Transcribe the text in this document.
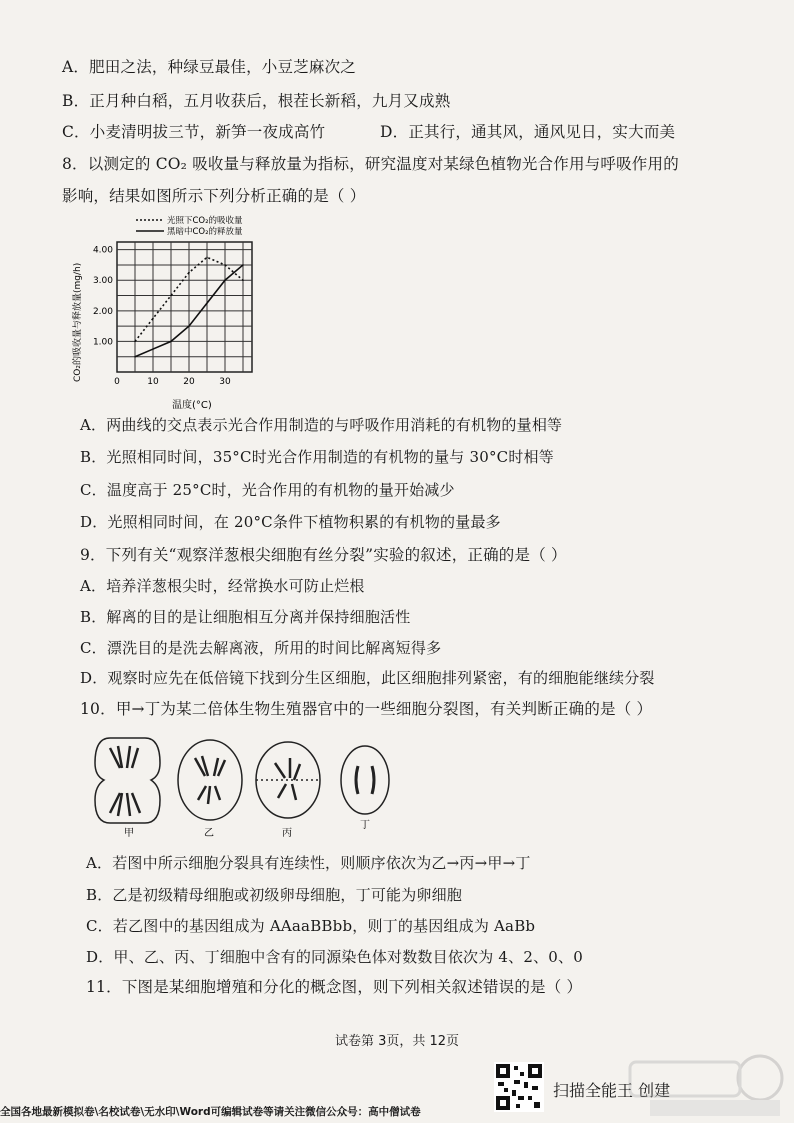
A．肥田之法，种绿豆最佳，小豆芝麻次之
B．正月种白稻，五月收获后，根茬长新稻，九月又成熟
C．小麦清明拔三节，新笋一夜成高竹	D．正其行，通其风，通风见日，实大而美
8．以测定的 CO₂ 吸收量与释放量为指标，研究温度对某绿色植物光合作用与呼吸作用的
影响，结果如图所示下列分析正确的是（ ）
0	10	20	30
1.00
2.00
3.00
4.00
光照下CO₂的吸收量
黑暗中CO₂的释放量
温度(°C)
CO₂的吸收量与释放量(mg/h)
A．两曲线的交点表示光合作用制造的与呼吸作用消耗的有机物的量相等
B．光照相同时间，35°C时光合作用制造的有机物的量与 30°C时相等
C．温度高于 25°C时，光合作用的有机物的量开始减少
D．光照相同时间，在 20°C条件下植物积累的有机物的量最多
9．下列有关“观察洋葱根尖细胞有丝分裂”实验的叙述，正确的是（ ）
A．培养洋葱根尖时，经常换水可防止烂根
B．解离的目的是让细胞相互分离并保持细胞活性
C．漂洗目的是洗去解离液，所用的时间比解离短得多
D．观察时应先在低倍镜下找到分生区细胞，此区细胞排列紧密，有的细胞能继续分裂
10．甲→丁为某二倍体生物生殖器官中的一些细胞分裂图，有关判断正确的是（ ）
甲	乙	丙
丁
A．若图中所示细胞分裂具有连续性，则顺序依次为乙→丙→甲→丁
B．乙是初级精母细胞或初级卵母细胞，丁可能为卵细胞
C．若乙图中的基因组成为 AAaaBBbb，则丁的基因组成为 AaBb
D．甲、乙、丙、丁细胞中含有的同源染色体对数数目依次为 4、2、0、0
11．下图是某细胞增殖和分化的概念图，则下列相关叙述错误的是（ ）
试卷第 3页，共 12页
扫描全能王 创建
全国各地最新模拟卷\名校试卷\无水印\Word可编辑试卷等请关注微信公众号：高中僧试卷
